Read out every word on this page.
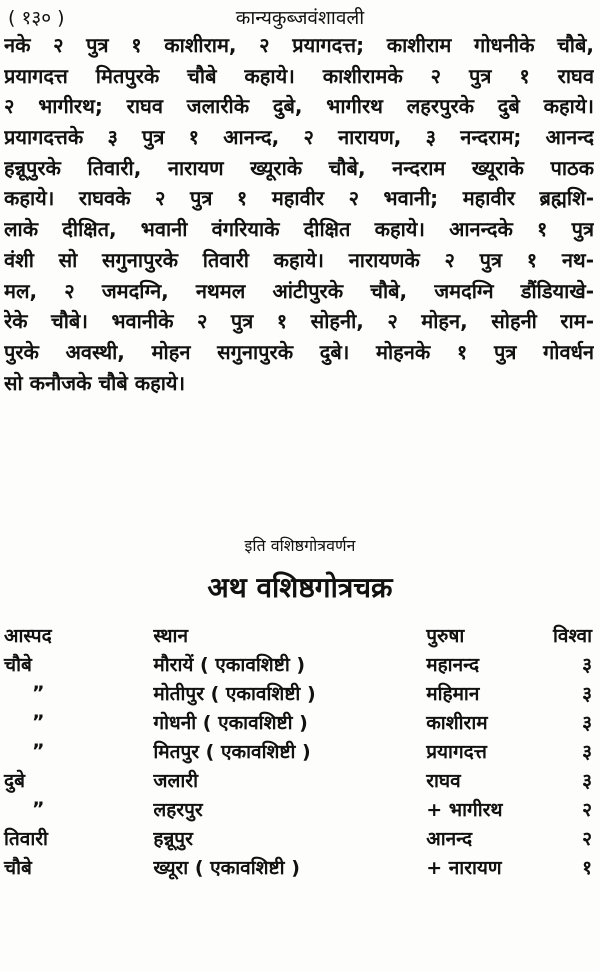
( १३० )	कान्यकुब्जवंशावली
नके २ पुत्र १ काशीराम, २ प्रयागदत्त; काशीराम गोधनीके चौबे,
प्रयागदत्त मितपुरके चौबे कहाये। काशीरामके २ पुत्र १ राघव
२ भागीरथ; राघव जलारीके दुबे, भागीरथ लहरपुरके दुबे कहाये।
प्रयागदत्तके ३ पुत्र १ आनन्द, २ नारायण, ३ नन्दराम; आनन्द
हन्नूपुरके तिवारी, नारायण ख्यूराके चौबे, नन्दराम ख्यूराके पाठक
कहाये। राघवके २ पुत्र १ महावीर २ भवानी; महावीर ब्रह्मशि-
लाके दीक्षित, भवानी वंगरियाके दीक्षित कहाये। आनन्दके १ पुत्र
वंशी सो सगुनापुरके तिवारी कहाये। नारायणके २ पुत्र १ नथ-
मल, २ जमदग्नि, नथमल आंटीपुरके चौबे, जमदग्नि डौंडियाखे-
रेके चौबे। भवानीके २ पुत्र १ सोहनी, २ मोहन, सोहनी राम-
पुरके अवस्थी, मोहन सगुनापुरके दुबे। मोहनके १ पुत्र गोवर्धन
सो कनौजके चौबे कहाये।
इति वशिष्ठगोत्रवर्णन
अथ वशिष्ठगोत्रचक्र
आस्पद	स्थान	पुरुषा	विश्वा
चौबे	मौरायें ( एकावशिष्टी )	महानन्द	३
”	मोतीपुर ( एकावशिष्टी )	महिमान	३
”	गोधनी ( एकावशिष्टी )	काशीराम	३
”	मितपुर ( एकावशिष्टी )	प्रयागदत्त	३
दुबे	जलारी	राघव	३
”	लहरपुर	+ भागीरथ	२
तिवारी	हन्नूपुर	आनन्द	२
चौबे	ख्यूरा ( एकावशिष्टी )	+ नारायण	१
